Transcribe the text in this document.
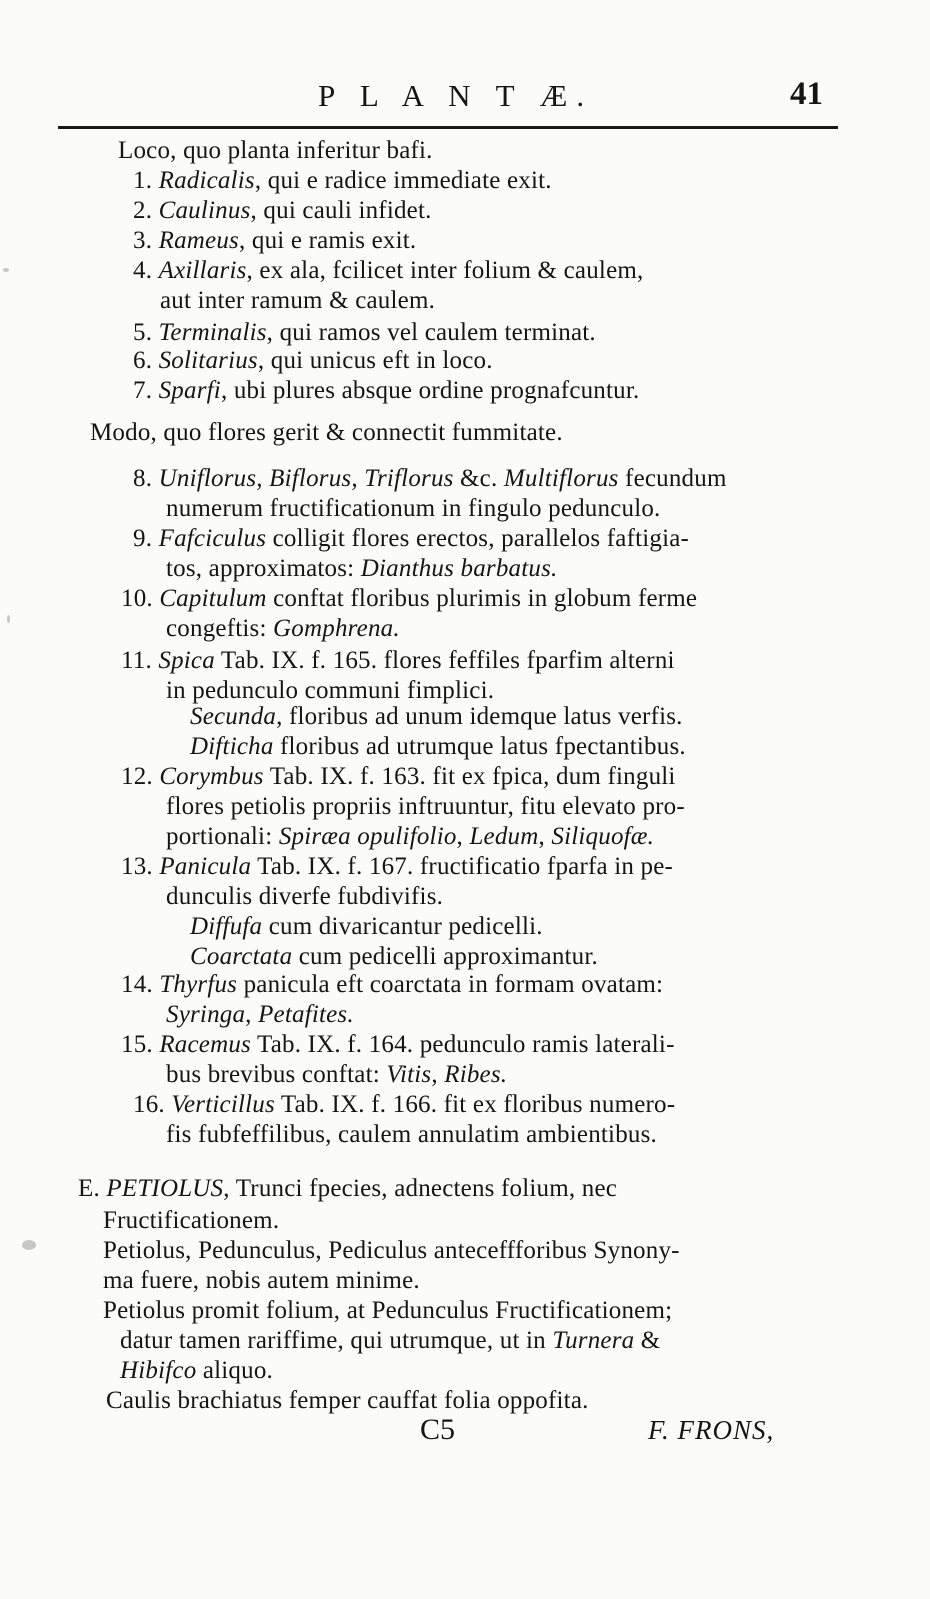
P L A N T Æ.	41
Loco, quo planta inferitur bafi.
1. Radicalis, qui e radice immediate exit.
2. Caulinus, qui cauli infidet.
3. Rameus, qui e ramis exit.
4. Axillaris, ex ala, fcilicet inter folium & caulem,
aut inter ramum & caulem.
5. Terminalis, qui ramos vel caulem terminat.
6. Solitarius, qui unicus eft in loco.
7. Sparfi, ubi plures absque ordine prognafcuntur.
Modo, quo flores gerit & connectit fummitate.
8. Uniflorus, Biflorus, Triflorus &c. Multiflorus fecundum
numerum fructificationum in fingulo pedunculo.
9. Fafciculus colligit flores erectos, parallelos faftigia-
tos, approximatos: Dianthus barbatus.
10. Capitulum conftat floribus plurimis in globum ferme
congeftis: Gomphrena.
11. Spica Tab. IX. f. 165. flores feffiles fparfim alterni
in pedunculo communi fimplici.
Secunda, floribus ad unum idemque latus verfis.
Difticha floribus ad utrumque latus fpectantibus.
12. Corymbus Tab. IX. f. 163. fit ex fpica, dum finguli
flores petiolis propriis inftruuntur, fitu elevato pro-
portionali: Spiræa opulifolio, Ledum, Siliquofæ.
13. Panicula Tab. IX. f. 167. fructificatio fparfa in pe-
dunculis diverfe fubdivifis.
Diffufa cum divaricantur pedicelli.
Coarctata cum pedicelli approximantur.
14. Thyrfus panicula eft coarctata in formam ovatam:
Syringa, Petafites.
15. Racemus Tab. IX. f. 164. pedunculo ramis laterali-
bus brevibus conftat: Vitis, Ribes.
16. Verticillus Tab. IX. f. 166. fit ex floribus numero-
fis fubfeffilibus, caulem annulatim ambientibus.
E. PETIOLUS, Trunci fpecies, adnectens folium, nec
Fructificationem.
Petiolus, Pedunculus, Pediculus anteceffforibus Synony-
ma fuere, nobis autem minime.
Petiolus promit folium, at Pedunculus Fructificationem;
datur tamen rariffime, qui utrumque, ut in Turnera &
Hibifco aliquo.
Caulis brachiatus femper cauffat folia oppofita.
C5	F. FRONS,
